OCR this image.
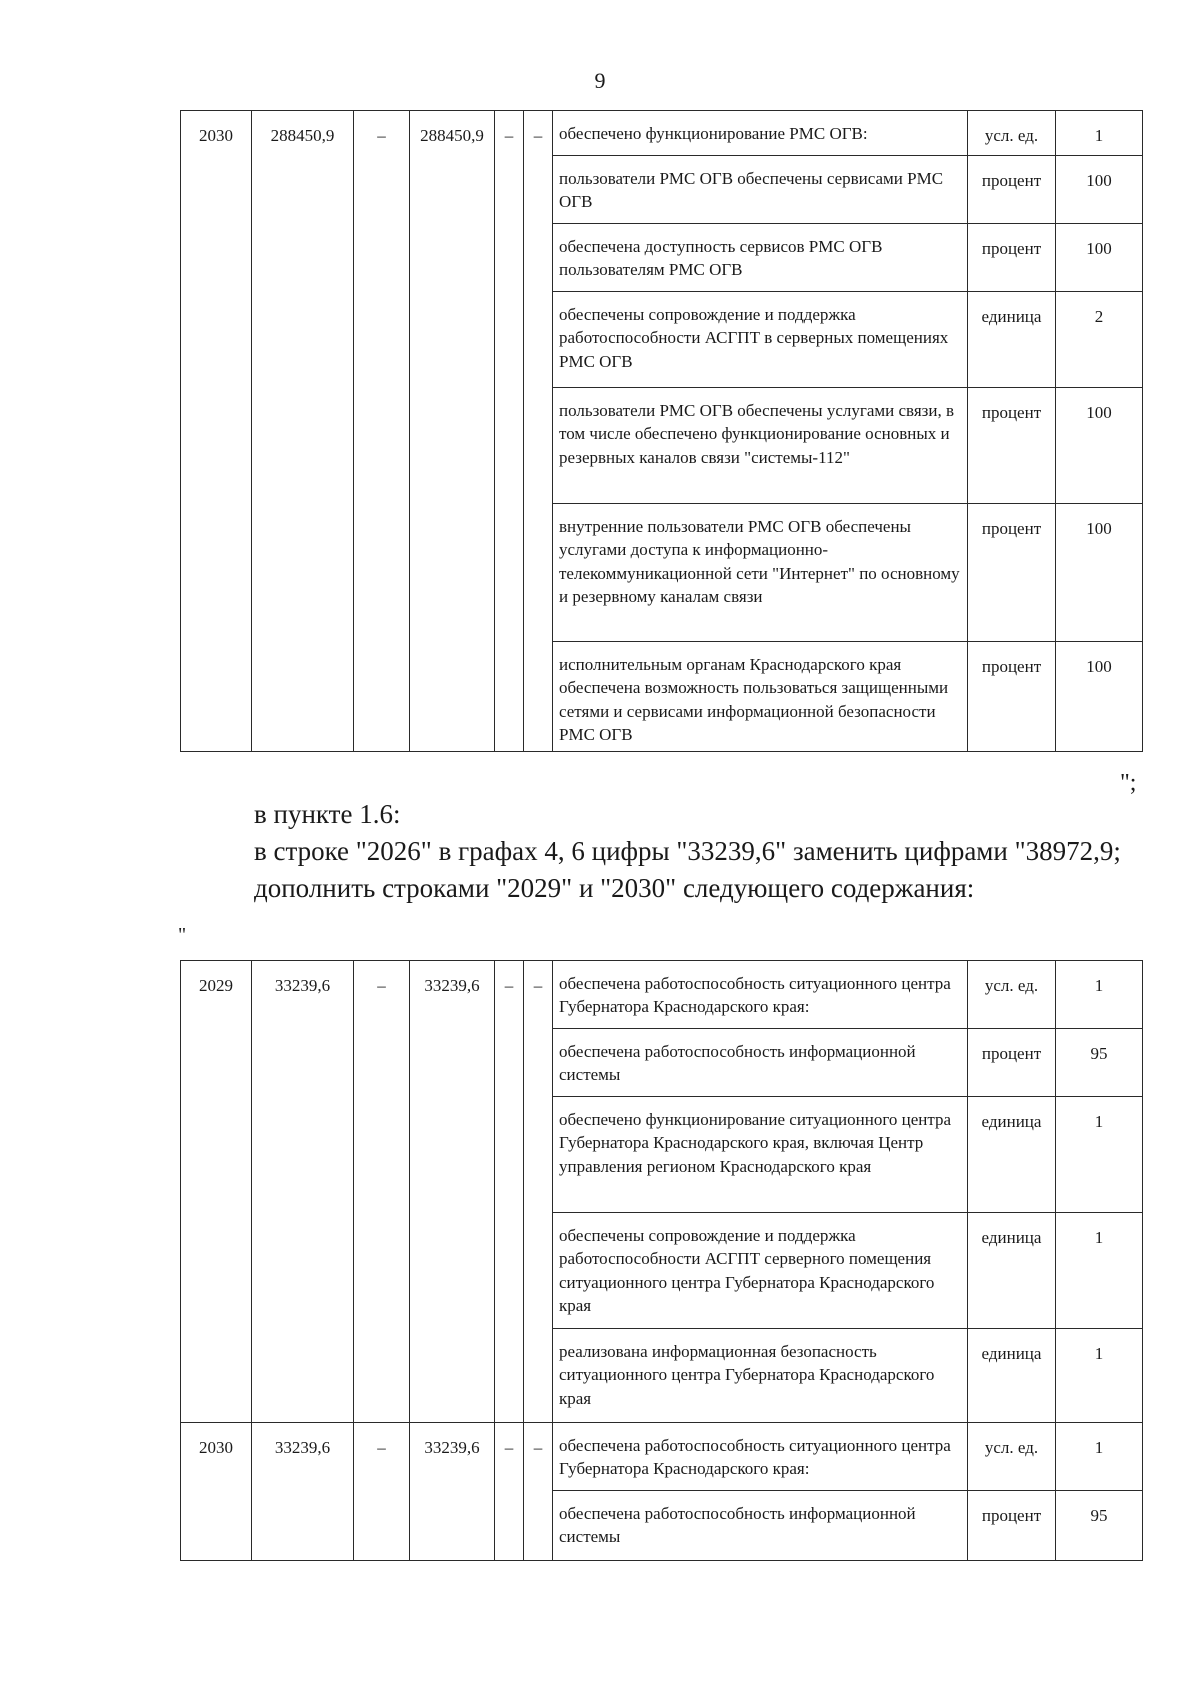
9
2030	288450,9	–	288450,9	–	–	обеспечено функционирование РМС ОГВ:	усл. ед.	1
						пользователи РМС ОГВ обеспечены сервисами РМС ОГВ	процент	100
						обеспечена доступность сервисов РМС ОГВ пользователям РМС ОГВ	процент	100
						обеспечены сопровождение и поддержка работоспособности АСГПТ в серверных помещениях РМС ОГВ	единица	2
						пользователи РМС ОГВ обеспечены услугами связи, в том числе обеспечено функционирование основных и резервных каналов связи "системы-112"	процент	100
						внутренние пользователи РМС ОГВ обеспечены услугами доступа к информационно-телекоммуникационной сети "Интернет" по основному и резервному каналам связи	процент	100
						исполнительным органам Краснодарского края обеспечена возможность пользоваться защищенными сетями и сервисами информационной безопасности РМС ОГВ	процент	100
";

в пункте 1.6:

в строке "2026" в графах 4, 6 цифры "33239,6" заменить цифрами "38972,9;

дополнить строками "2029" и "2030" следующего содержания:

"
2029	33239,6	–	33239,6	–	–	обеспечена работоспособность ситуационного центра Губернатора Краснодарского края:	усл. ед.	1
						обеспечена работоспособность информационной системы	процент	95
						обеспечено функционирование ситуационного центра Губернатора Краснодарского края, включая Центр управления регионом Краснодарского края	единица	1
						обеспечены сопровождение и поддержка работоспособности АСГПТ серверного помещения ситуационного центра Губернатора Краснодарского края	единица	1
						реализована информационная безопасность ситуационного центра Губернатора Краснодарского края	единица	1
2030	33239,6	–	33239,6	–	–	обеспечена работоспособность ситуационного центра Губернатора Краснодарского края:	усл. ед.	1
						обеспечена работоспособность информационной системы	процент	95
